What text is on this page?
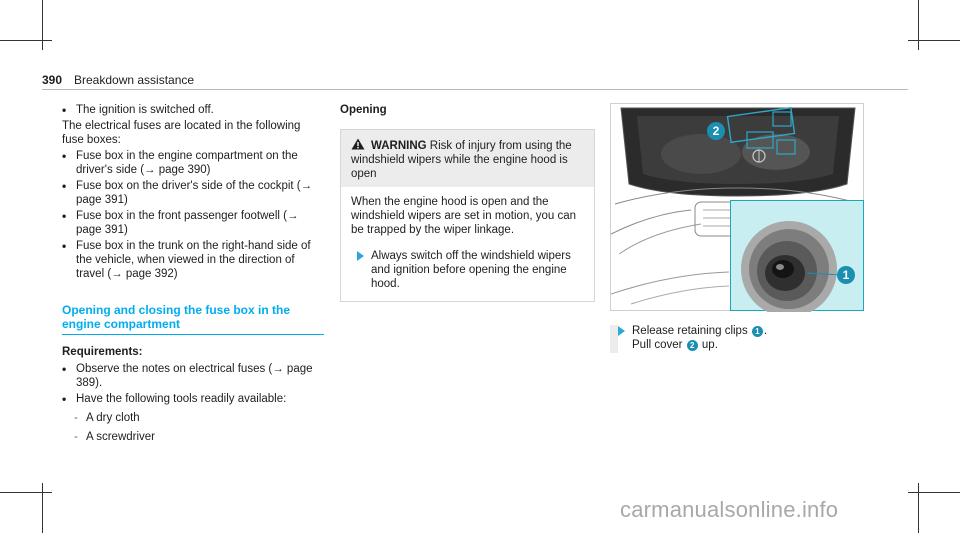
390 Breakdown assistance
• The ignition is switched off.
The electrical fuses are located in the following fuse boxes:
• Fuse box in the engine compartment on the driver's side (→ page 390)
• Fuse box on the driver's side of the cockpit (→ page 391)
• Fuse box in the front passenger footwell (→ page 391)
• Fuse box in the trunk on the right-hand side of the vehicle, when viewed in the direction of travel (→ page 392)
Opening and closing the fuse box in the engine compartment
Requirements:
• Observe the notes on electrical fuses (→ page 389).
• Have the following tools readily available:
- A dry cloth
- A screwdriver
Opening
WARNING Risk of injury from using the windshield wipers while the engine hood is open
When the engine hood is open and the windshield wipers are set in motion, you can be trapped by the wiper linkage.
Always switch off the windshield wipers and ignition before opening the engine hood.
2
1
Release retaining clips 1 .
Pull cover 2 up.
carmanualsonline.info
